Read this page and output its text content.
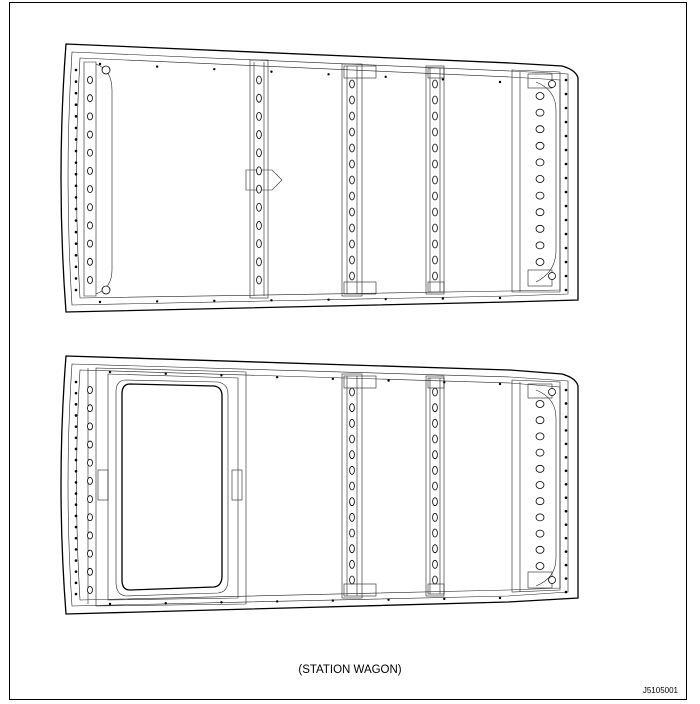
(STATION WAGON)
J5105001
